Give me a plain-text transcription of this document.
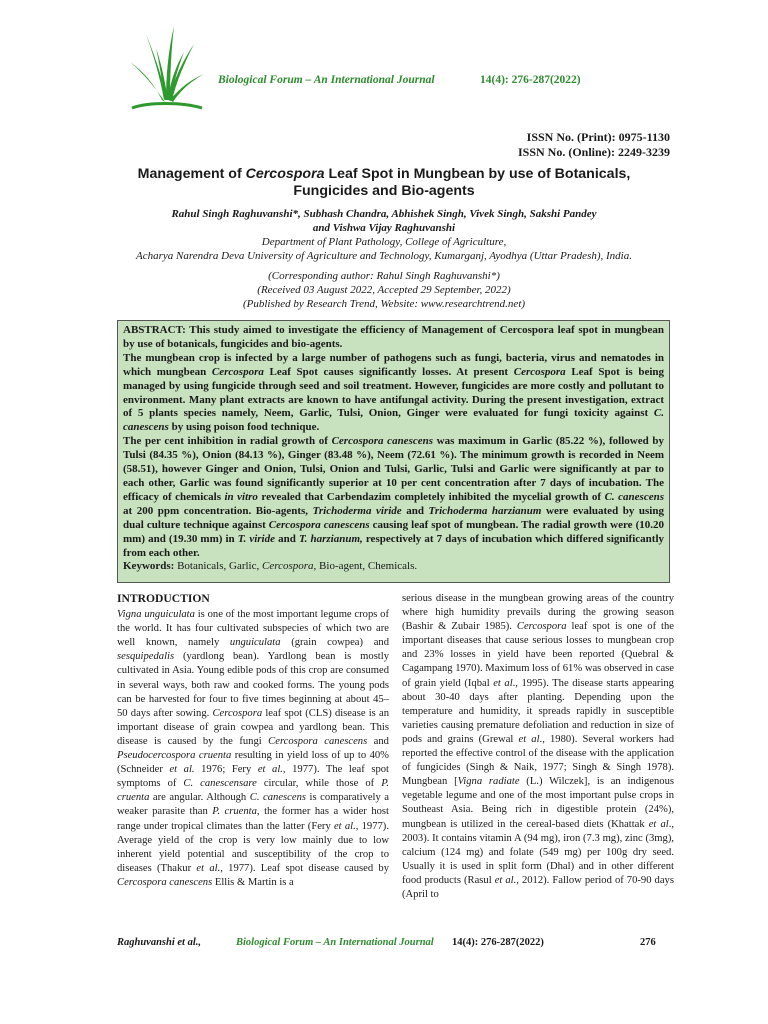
Biological Forum – An International Journal	14(4): 276-287(2022)
ISSN No. (Print): 0975-1130
ISSN No. (Online): 2249-3239
Management of Cercospora Leaf Spot in Mungbean by use of Botanicals,
Fungicides and Bio-agents
Rahul Singh Raghuvanshi*, Subhash Chandra, Abhishek Singh, Vivek Singh, Sakshi Pandey
and Vishwa Vijay Raghuvanshi
Department of Plant Pathology, College of Agriculture,
Acharya Narendra Deva University of Agriculture and Technology, Kumarganj, Ayodhya (Uttar Pradesh), India.
(Corresponding author: Rahul Singh Raghuvanshi*)
(Received 03 August 2022, Accepted 29 September, 2022)
(Published by Research Trend, Website: www.researchtrend.net)

ABSTRACT: This study aimed to investigate the efficiency of Management of Cercospora leaf spot in mungbean by use of botanicals, fungicides and bio-agents.

The mungbean crop is infected by a large number of pathogens such as fungi, bacteria, virus and nematodes in which mungbean Cercospora Leaf Spot causes significantly losses. At present Cercospora Leaf Spot is being managed by using fungicide through seed and soil treatment. However, fungicides are more costly and pollutant to environment. Many plant extracts are known to have antifungal activity. During the present investigation, extract of 5 plants species namely, Neem, Garlic, Tulsi, Onion, Ginger were evaluated for fungi toxicity against C. canescens by using poison food technique.

The per cent inhibition in radial growth of Cercospora canescens was maximum in Garlic (85.22 %), followed by Tulsi (84.35 %), Onion (84.13 %), Ginger (83.48 %), Neem (72.61 %). The minimum growth is recorded in Neem (58.51), however Ginger and Onion, Tulsi, Onion and Tulsi, Garlic, Tulsi and Garlic were significantly at par to each other, Garlic was found significantly superior at 10 per cent concentration after 7 days of incubation. The efficacy of chemicals in vitro revealed that Carbendazim completely inhibited the mycelial growth of C. canescens at 200 ppm concentration. Bio-agents, Trichoderma viride and Trichoderma harzianum were evaluated by using dual culture technique against Cercospora canescens causing leaf spot of mungbean. The radial growth were (10.20 mm) and (19.30 mm) in T. viride and T. harzianum, respectively at 7 days of incubation which differed significantly from each other.

Keywords: Botanicals, Garlic, Cercospora, Bio-agent, Chemicals.

INTRODUCTION

Vigna unguiculata is one of the most important legume crops of the world. It has four cultivated subspecies of which two are well known, namely unguiculata (grain cowpea) and sesquipedalis (yardlong bean). Yardlong bean is mostly cultivated in Asia. Young edible pods of this crop are consumed in several ways, both raw and cooked forms. The young pods can be harvested for four to five times beginning at about 45–50 days after sowing. Cercospora leaf spot (CLS) disease is an important disease of grain cowpea and yardlong bean. This disease is caused by the fungi Cercospora canescens and Pseudocercospora cruenta resulting in yield loss of up to 40% (Schneider et al. 1976; Fery et al., 1977). The leaf spot symptoms of C. canescensare circular, while those of P. cruenta are angular. Although C. canescens is comparatively a weaker parasite than P. cruenta, the former has a wider host range under tropical climates than the latter (Fery et al., 1977). Average yield of the crop is very low mainly due to low inherent yield potential and susceptibility of the crop to diseases (Thakur et al., 1977). Leaf spot disease caused by Cercospora canescens Ellis & Martin is a

serious disease in the mungbean growing areas of the country where high humidity prevails during the growing season (Bashir & Zubair 1985). Cercospora leaf spot is one of the important diseases that cause serious losses to mungbean crop and 23% losses in yield have been reported (Quebral & Cagampang 1970). Maximum loss of 61% was observed in case of grain yield (Iqbal et al., 1995). The disease starts appearing about 30-40 days after planting. Depending upon the temperature and humidity, it spreads rapidly in susceptible varieties causing premature defoliation and reduction in size of pods and grains (Grewal et al., 1980). Several workers had reported the effective control of the disease with the application of fungicides (Singh & Naik, 1977; Singh & Singh 1978). Mungbean [Vigna radiate (L.) Wilczek], is an indigenous vegetable legume and one of the most important pulse crops in Southeast Asia. Being rich in digestible protein (24%), mungbean is utilized in the cereal-based diets (Khattak et al., 2003). It contains vitamin A (94 mg), iron (7.3 mg), zinc (3mg), calcium (124 mg) and folate (549 mg) per 100g dry seed. Usually it is used in split form (Dhal) and in other different food products (Rasul et al., 2012). Fallow period of 70-90 days (April to

Raghuvanshi et al.,	Biological Forum – An International Journal 14(4): 276-287(2022)	276
